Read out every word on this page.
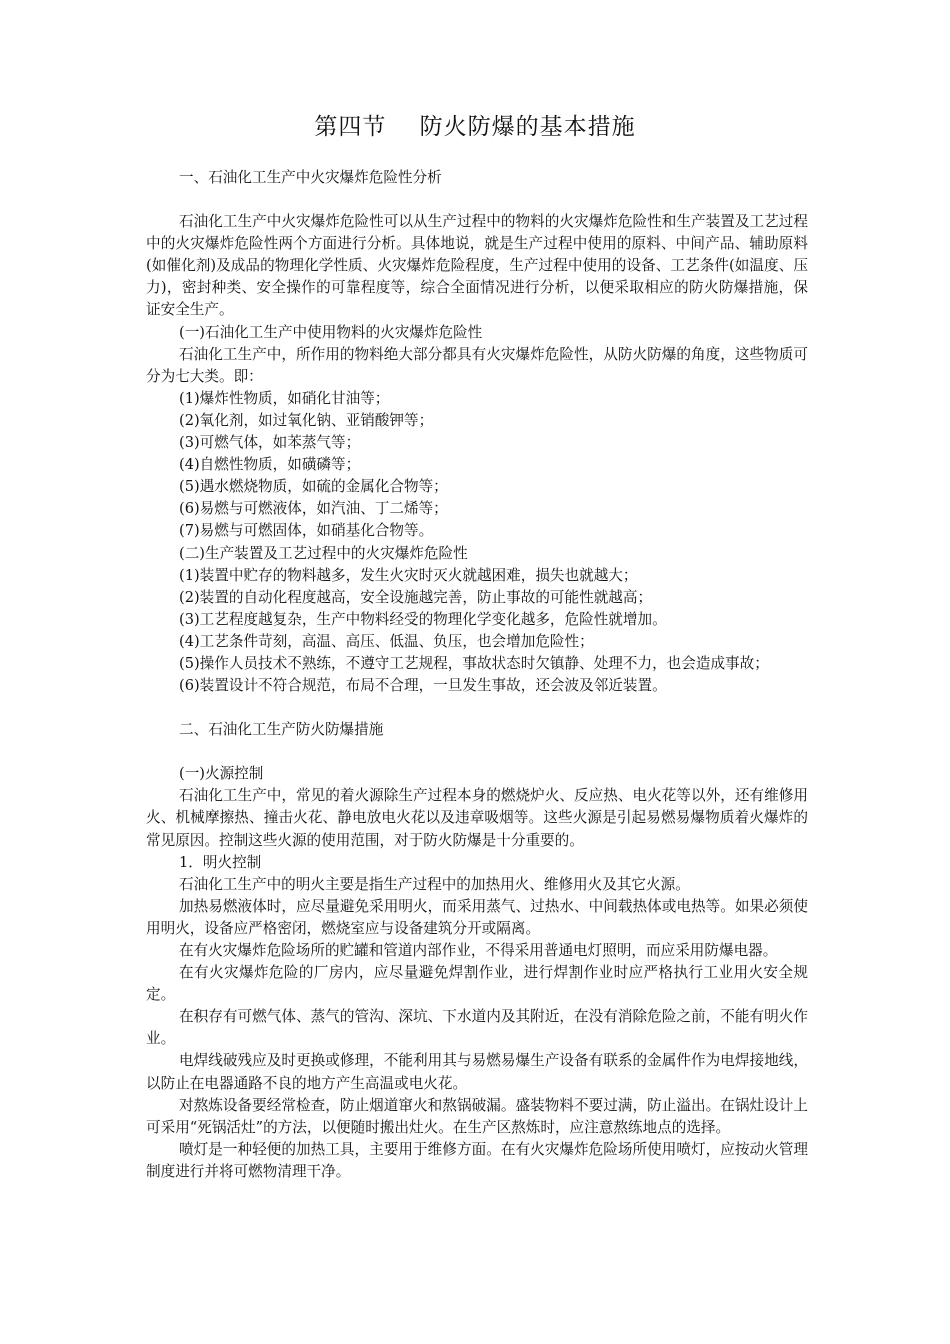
第四节    防火防爆的基本措施

一、石油化工生产中火灾爆炸危险性分析

石油化工生产中火灾爆炸危险性可以从生产过程中的物料的火灾爆炸危险性和生产装置及工艺过程中的火灾爆炸危险性两个方面进行分析。具体地说，就是生产过程中使用的原料、中间产品、辅助原料(如催化剂)及成品的物理化学性质、火灾爆炸危险程度，生产过程中使用的设备、工艺条件(如温度、压力)，密封种类、安全操作的可靠程度等，综合全面情况进行分析，以便采取相应的防火防爆措施，保证安全生产。

(一)石油化工生产中使用物料的火灾爆炸危险性

石油化工生产中，所作用的物料绝大部分都具有火灾爆炸危险性，从防火防爆的角度，这些物质可分为七大类。即：

(1)爆炸性物质，如硝化甘油等；

(2)氧化剂，如过氧化钠、亚销酸钾等；

(3)可燃气体，如苯蒸气等；

(4)自燃性物质，如磺磷等；

(5)遇水燃烧物质，如硫的金属化合物等；

(6)易燃与可燃液体，如汽油、丁二烯等；

(7)易燃与可燃固体，如硝基化合物等。

(二)生产装置及工艺过程中的火灾爆炸危险性

(1)装置中贮存的物料越多，发生火灾时灭火就越困难，损失也就越大；

(2)装置的自动化程度越高，安全设施越完善，防止事故的可能性就越高；

(3)工艺程度越复杂，生产中物料经受的物理化学变化越多，危险性就增加。

(4)工艺条件苛刻，高温、高压、低温、负压，也会增加危险性；

(5)操作人员技术不熟练，不遵守工艺规程，事故状态时欠镇静、处理不力，也会造成事故；

(6)装置设计不符合规范，布局不合理，一旦发生事故，还会波及邻近装置。

二、石油化工生产防火防爆措施

(一)火源控制

石油化工生产中，常见的着火源除生产过程本身的燃烧炉火、反应热、电火花等以外，还有维修用火、机械摩擦热、撞击火花、静电放电火花以及违章吸烟等。这些火源是引起易燃易爆物质着火爆炸的常见原因。控制这些火源的使用范围，对于防火防爆是十分重要的。

1．明火控制

石油化工生产中的明火主要是指生产过程中的加热用火、维修用火及其它火源。

加热易燃液体时，应尽量避免采用明火，而采用蒸气、过热水、中间载热体或电热等。如果必须使用明火，设备应严格密闭，燃烧室应与设备建筑分开或隔离。

在有火灾爆炸危险场所的贮罐和管道内部作业，不得采用普通电灯照明，而应采用防爆电器。

在有火灾爆炸危险的厂房内，应尽量避免焊割作业，进行焊割作业时应严格执行工业用火安全规定。

在积存有可燃气体、蒸气的管沟、深坑、下水道内及其附近，在没有消除危险之前，不能有明火作业。

电焊线破残应及时更换或修理，不能利用其与易燃易爆生产设备有联系的金属件作为电焊接地线，以防止在电器通路不良的地方产生高温或电火花。

对熬炼设备要经常检查，防止烟道窜火和熬锅破漏。盛装物料不要过满，防止溢出。在锅灶设计上可采用“死锅活灶”的方法，以便随时搬出灶火。在生产区熬炼时，应注意熬练地点的选择。

喷灯是一种轻便的加热工具，主要用于维修方面。在有火灾爆炸危险场所使用喷灯，应按动火管理制度进行并将可燃物清理干净。
